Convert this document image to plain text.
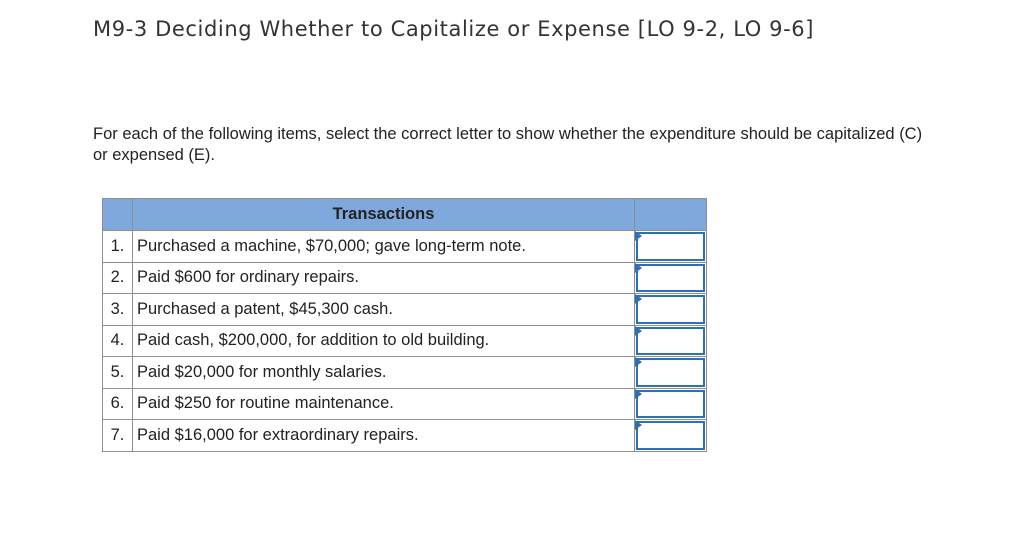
M9-3 Deciding Whether to Capitalize or Expense [LO 9-2, LO 9-6]

For each of the following items, select the correct letter to show whether the expenditure should be capitalized (C) or expensed (E).

	Transactions	
1.	Purchased a machine, $70,000; gave long-term note.	

2.	Paid $600 for ordinary repairs.	

3.	Purchased a patent, $45,300 cash.	

4.	Paid cash, $200,000, for addition to old building.	

5.	Paid $20,000 for monthly salaries.	

6.	Paid $250 for routine maintenance.	

7.	Paid $16,000 for extraordinary repairs.	
